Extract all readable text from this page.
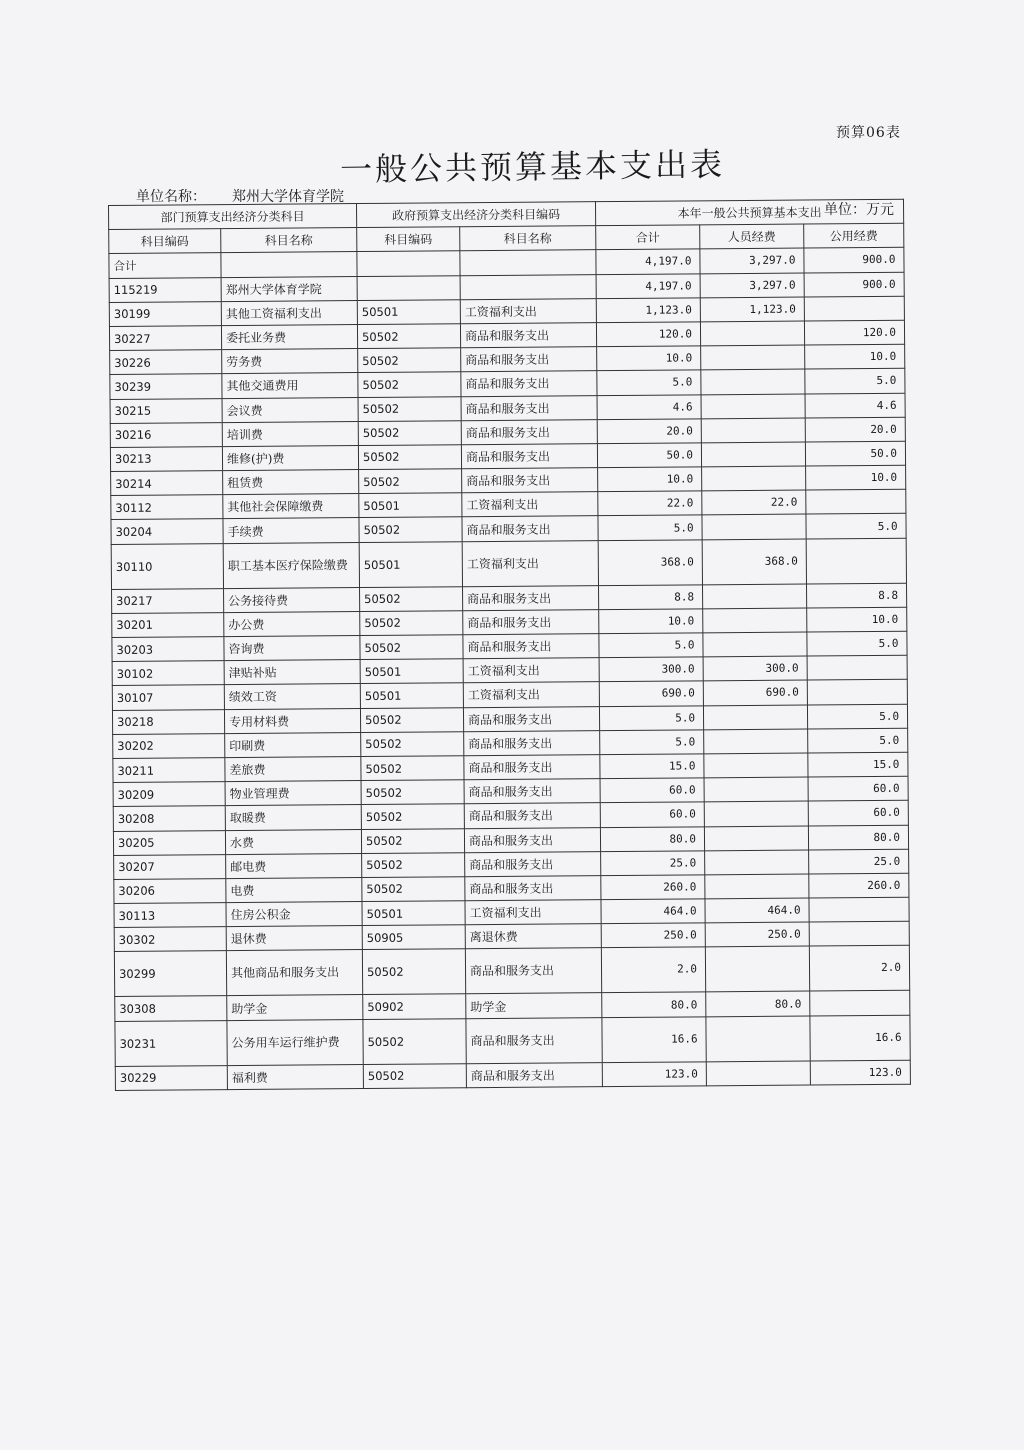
预算06表
一般公共预算基本支出表
单位名称： 郑州大学体育学院
单位：万元
部门预算支出经济分类科目		政府预算支出经济分类科目编码		本年一般公共预算基本支出		
科目编码	科目名称	科目编码	科目名称	合计	人员经费	公用经费
合计				4,197.0	3,297.0	900.0
115219	郑州大学体育学院			4,197.0	3,297.0	900.0
30199	其他工资福利支出	50501	工资福利支出	1,123.0	1,123.0	
30227	委托业务费	50502	商品和服务支出	120.0		120.0
30226	劳务费	50502	商品和服务支出	10.0		10.0
30239	其他交通费用	50502	商品和服务支出	5.0		5.0
30215	会议费	50502	商品和服务支出	4.6		4.6
30216	培训费	50502	商品和服务支出	20.0		20.0
30213	维修(护)费	50502	商品和服务支出	50.0		50.0
30214	租赁费	50502	商品和服务支出	10.0		10.0
30112	其他社会保障缴费	50501	工资福利支出	22.0	22.0	
30204	手续费	50502	商品和服务支出	5.0		5.0
30110	职工基本医疗保险缴费	50501	工资福利支出	368.0	368.0	
30217	公务接待费	50502	商品和服务支出	8.8		8.8
30201	办公费	50502	商品和服务支出	10.0		10.0
30203	咨询费	50502	商品和服务支出	5.0		5.0
30102	津贴补贴	50501	工资福利支出	300.0	300.0	
30107	绩效工资	50501	工资福利支出	690.0	690.0	
30218	专用材料费	50502	商品和服务支出	5.0		5.0
30202	印刷费	50502	商品和服务支出	5.0		5.0
30211	差旅费	50502	商品和服务支出	15.0		15.0
30209	物业管理费	50502	商品和服务支出	60.0		60.0
30208	取暖费	50502	商品和服务支出	60.0		60.0
30205	水费	50502	商品和服务支出	80.0		80.0
30207	邮电费	50502	商品和服务支出	25.0		25.0
30206	电费	50502	商品和服务支出	260.0		260.0
30113	住房公积金	50501	工资福利支出	464.0	464.0	
30302	退休费	50905	离退休费	250.0	250.0	
30299	其他商品和服务支出	50502	商品和服务支出	2.0		2.0
30308	助学金	50902	助学金	80.0	80.0	
30231	公务用车运行维护费	50502	商品和服务支出	16.6		16.6
30229	福利费	50502	商品和服务支出	123.0		123.0
